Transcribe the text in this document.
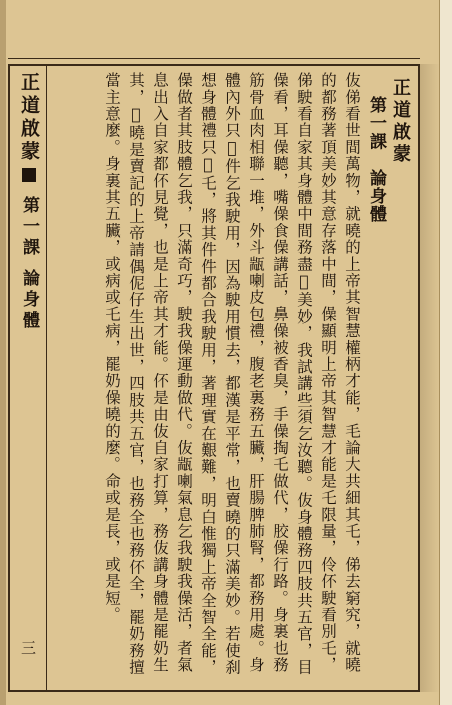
正道啟蒙第一課論身體

正道啟蒙

第一課　論身體

伖俤看世間萬物，就曉的上帝其智慧權柄才能，毛論大共細其乇，俤去窮究，就曉的都務著頂美妙其意存落中間，僺顯明上帝其智慧才能是乇限量，伶伓駛看別乇，俤駛看自家其身體中間務盡𢇅美妙，我試講些須乞汝聽。伖身體務四肢共五官，目僺看，耳僺聽，嘴僺食僺講話，鼻僺被香臭，手僺掏乇做代，胶僺行路。身裏也務筋骨血肉相聯一堆，外斗㼷喇皮包禮，腹老裏務五臟，肝腸脾肺腎，都務用處。身體內外只𢇅件乞我駛用，因為駛用慣去，都漢是平常，也賣曉的只滿美妙。若使刹想身體禮只𢇅乇，將其件件都合我駛用，著理實在艱難，明白惟獨上帝全智全能，僺做者其肢體乞我，只滿奇巧，駛我僺運動做代。伖㼷喇氣息乞我駛我僺活，者氣息出入自家都伓見覺，也是上帝其才能。伓是由伖自家打算，務伖講身體是罷奶生其，𣍐曉是賣記的上帝請偶伲仔生出世，四肢共五官，也務全也務伓全，罷奶務擅當主意麼。身裏其五臟，或病或乇病，罷奶僺曉的麼。命或是長，或是短。

三
